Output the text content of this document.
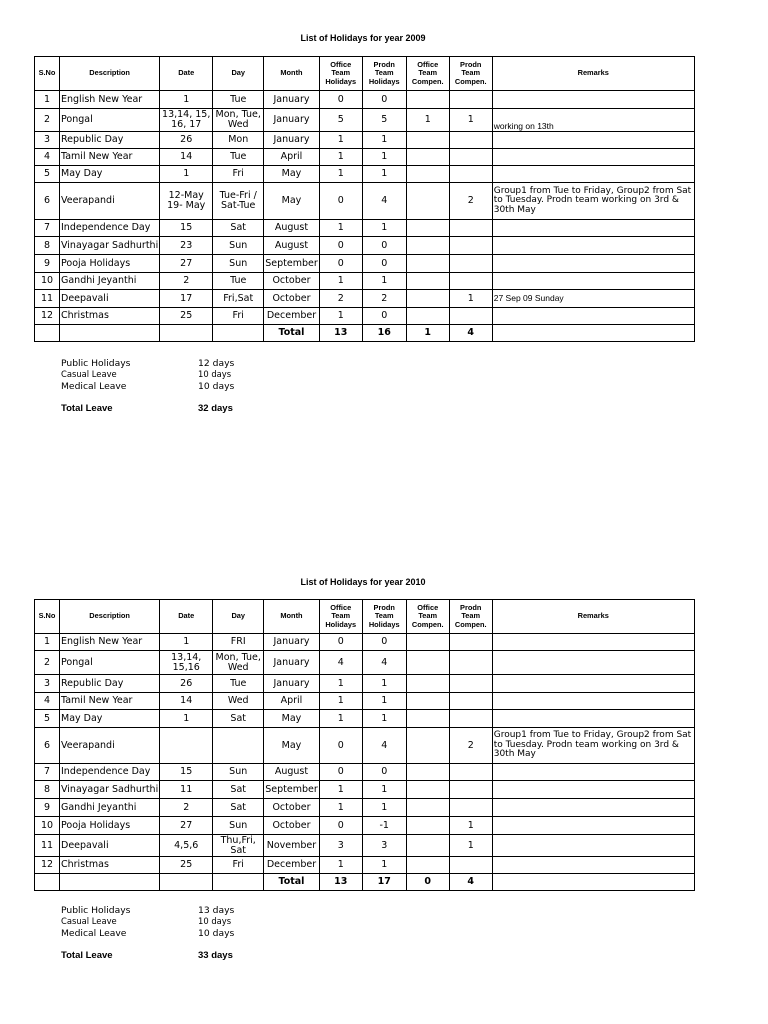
List of Holidays for year 2009
S.No	Description	Date	Day	Month	Office Team Holidays	Prodn Team Holidays	Office Team Compen.	Prodn Team Compen.	Remarks
1	English New Year	1	Tue	January	0	0			
2	Pongal	13,14, 15, 16, 17	Mon, Tue, Wed	January	5	5	1	1	working on 13th
3	Republic Day	26	Mon	January	1	1			
4	Tamil New Year	14	Tue	April	1	1			
5	May Day	1	Fri	May	1	1			
6	Veerapandi	12-May 19- May	Tue-Fri / Sat-Tue	May	0	4		2	Group1 from Tue to Friday, Group2 from Sat to Tuesday. Prodn team working on 3rd & 30th May
7	Independence Day	15	Sat	August	1	1			
8	Vinayagar Sadhurthi	23	Sun	August	0	0			
9	Pooja Holidays	27	Sun	September	0	0			
10	Gandhi Jeyanthi	2	Tue	October	1	1			
11	Deepavali	17	Fri,Sat	October	2	2		1	27 Sep 09 Sunday
12	Christmas	25	Fri	December	1	0			
				Total	13	16	1	4	
Public Holidays	12 days
Casual Leave	10 days
Medical Leave	10 days
Total Leave	32 days
List of Holidays for year 2010
S.No	Description	Date	Day	Month	Office Team Holidays	Prodn Team Holidays	Office Team Compen.	Prodn Team Compen.	Remarks
1	English New Year	1	FRI	January	0	0			
2	Pongal	13,14, 15,16	Mon, Tue, Wed	January	4	4			
3	Republic Day	26	Tue	January	1	1			
4	Tamil New Year	14	Wed	April	1	1			
5	May Day	1	Sat	May	1	1			
6	Veerapandi			May	0	4		2	Group1 from Tue to Friday, Group2 from Sat to Tuesday. Prodn team working on 3rd & 30th May
7	Independence Day	15	Sun	August	0	0			
8	Vinayagar Sadhurthi	11	Sat	September	1	1			
9	Gandhi Jeyanthi	2	Sat	October	1	1			
10	Pooja Holidays	27	Sun	October	0	-1		1	
11	Deepavali	4,5,6	Thu,Fri, Sat	November	3	3		1	
12	Christmas	25	Fri	December	1	1			
				Total	13	17	0	4	
Public Holidays	13 days
Casual Leave	10 days
Medical Leave	10 days
Total Leave	33 days
